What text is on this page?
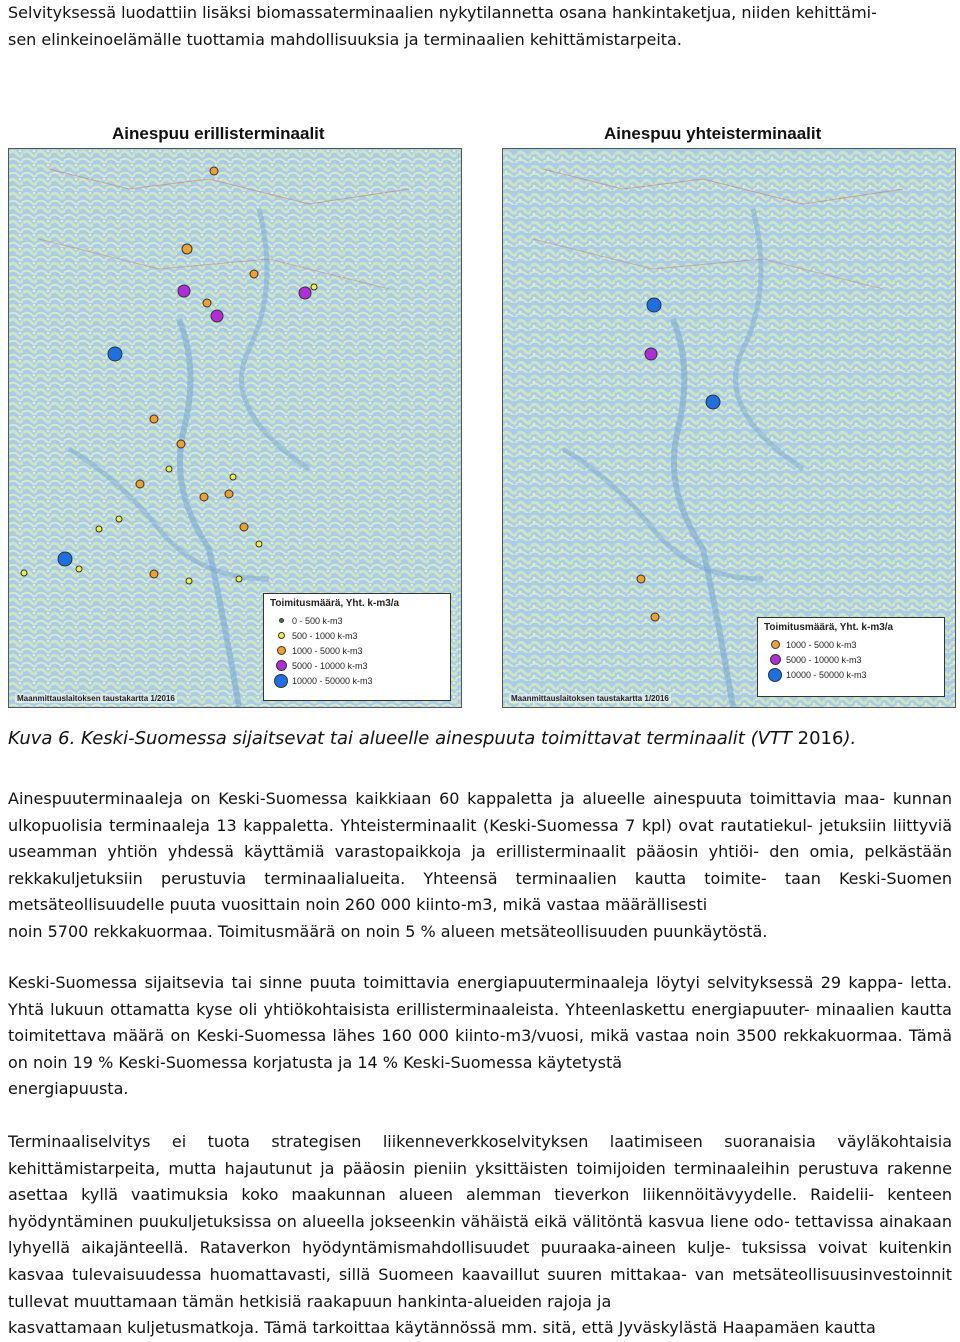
Selvityksessä luodattiin lisäksi biomassaterminaalien nykytilannetta osana hankintaketjua, niiden kehittämi-
sen elinkeinoelämälle tuottamia mahdollisuuksia ja terminaalien kehittämistarpeita.

Ainespuu erillisterminaalit	Ainespuu yhteisterminaalit
Toimitusmäärä, Yht. k-m3/a
0 - 500 k-m3
500 - 1000 k-m3
1000 - 5000 k-m3
5000 - 10000 k-m3
10000 - 50000 k-m3
Maanmittauslaitoksen taustakartta 1/2016
Toimitusmäärä, Yht. k-m3/a
1000 - 5000 k-m3
5000 - 10000 k-m3
10000 - 50000 k-m3
Maanmittauslaitoksen taustakartta 1/2016

Kuva 6. Keski-Suomessa sijaitsevat tai alueelle ainespuuta toimittavat terminaalit (VTT 2016).

Ainespuuterminaaleja on Keski-Suomessa kaikkiaan 60 kappaletta ja alueelle ainespuuta toimittavia maa- kunnan ulkopuolisia terminaaleja 13 kappaletta. Yhteisterminaalit (Keski-Suomessa 7 kpl) ovat rautatiekul- jetuksiin liittyviä useamman yhtiön yhdessä käyttämiä varastopaikkoja ja erillisterminaalit pääosin yhtiöi- den omia, pelkästään rekkakuljetuksiin perustuvia terminaalialueita. Yhteensä terminaalien kautta toimite- taan Keski-Suomen metsäteollisuudelle puuta vuosittain noin 260 000 kiinto-m3, mikä vastaa määrällisesti
noin 5700 rekkakuormaa. Toimitusmäärä on noin 5 % alueen metsäteollisuuden puunkäytöstä.

Keski-Suomessa sijaitsevia tai sinne puuta toimittavia energiapuuterminaaleja löytyi selvityksessä 29 kappa- letta. Yhtä lukuun ottamatta kyse oli yhtiökohtaisista erillisterminaaleista. Yhteenlaskettu energiapuuter- minaalien kautta toimitettava määrä on Keski-Suomessa lähes 160 000 kiinto-m3/vuosi, mikä vastaa noin 3500 rekkakuormaa. Tämä on noin 19 % Keski-Suomessa korjatusta ja 14 % Keski-Suomessa käytetystä
energiapuusta.

Terminaaliselvitys ei tuota strategisen liikenneverkkoselvityksen laatimiseen suoranaisia väyläkohtaisia kehittämistarpeita, mutta hajautunut ja pääosin pieniin yksittäisten toimijoiden terminaaleihin perustuva rakenne asettaa kyllä vaatimuksia koko maakunnan alueen alemman tieverkon liikennöitävyydelle. Raidelii- kenteen hyödyntäminen puukuljetuksissa on alueella jokseenkin vähäistä eikä välitöntä kasvua liene odo- tettavissa ainakaan lyhyellä aikajänteellä. Rataverkon hyödyntämismahdollisuudet puuraaka-aineen kulje- tuksissa voivat kuitenkin kasvaa tulevaisuudessa huomattavasti, sillä Suomeen kaavaillut suuren mittakaa- van metsäteollisuusinvestoinnit tullevat muuttamaan tämän hetkisiä raakapuun hankinta-alueiden rajoja ja
kasvattamaan kuljetusmatkoja. Tämä tarkoittaa käytännössä mm. sitä, että Jyväskylästä Haapamäen kautta
